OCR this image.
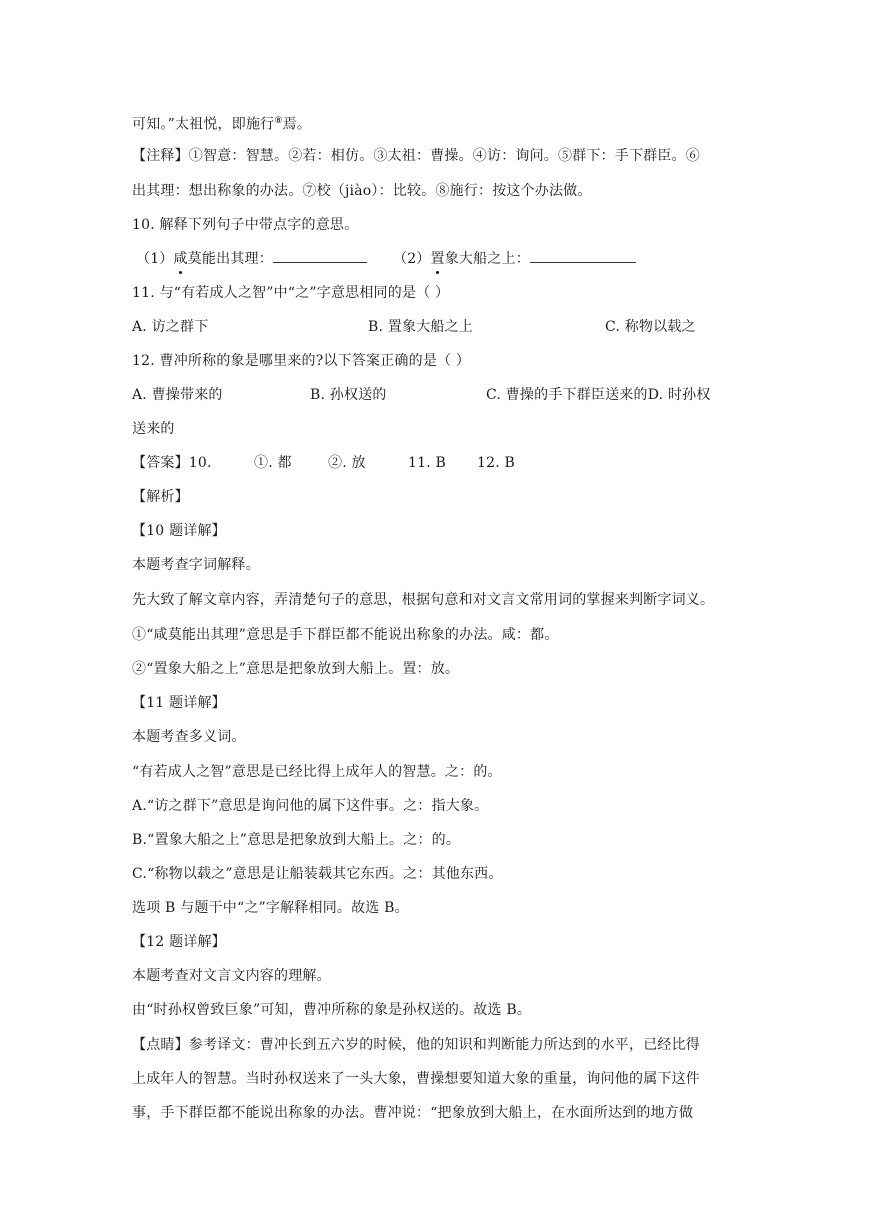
可知。”太祖悦，即施行⑧焉。
【注释】①智意：智慧。②若：相仿。③太祖：曹操。④访：询问。⑤群下：手下群臣。⑥
出其理：想出称象的办法。⑦校（jiào）：比较。⑧施行：按这个办法做。
10. 解释下列句子中带点字的意思。
（1）咸莫能出其理：	（2）置象大船之上：
11. 与“有若成人之智”中“之”字意思相同的是（ ）
A. 访之群下	B. 置象大船之上	C. 称物以载之
12. 曹冲所称的象是哪里来的?以下答案正确的是（ ）
A. 曹操带来的	B. 孙权送的	C. 曹操的手下群臣送来的D. 时孙权
送来的
【答案】10.	①. 都	②. 放	11. B 12. B
【解析】
【10 题详解】
本题考查字词解释。
先大致了解文章内容，弄清楚句子的意思，根据句意和对文言文常用词的掌握来判断字词义。
①“咸莫能出其理”意思是手下群臣都不能说出称象的办法。咸：都。
②“置象大船之上”意思是把象放到大船上。置：放。
【11 题详解】
本题考查多义词。
“有若成人之智”意思是已经比得上成年人的智慧。之：的。
A.“访之群下”意思是询问他的属下这件事。之：指大象。
B.“置象大船之上”意思是把象放到大船上。之：的。
C.“称物以载之”意思是让船装载其它东西。之：其他东西。
选项 B 与题干中“之”字解释相同。故选 B。
【12 题详解】
本题考查对文言文内容的理解。
由“时孙权曾致巨象”可知，曹冲所称的象是孙权送的。故选 B。
【点睛】参考译文：曹冲长到五六岁的时候，他的知识和判断能力所达到的水平，已经比得
上成年人的智慧。当时孙权送来了一头大象，曹操想要知道大象的重量，询问他的属下这件
事，手下群臣都不能说出称象的办法。曹冲说：“把象放到大船上，在水面所达到的地方做
